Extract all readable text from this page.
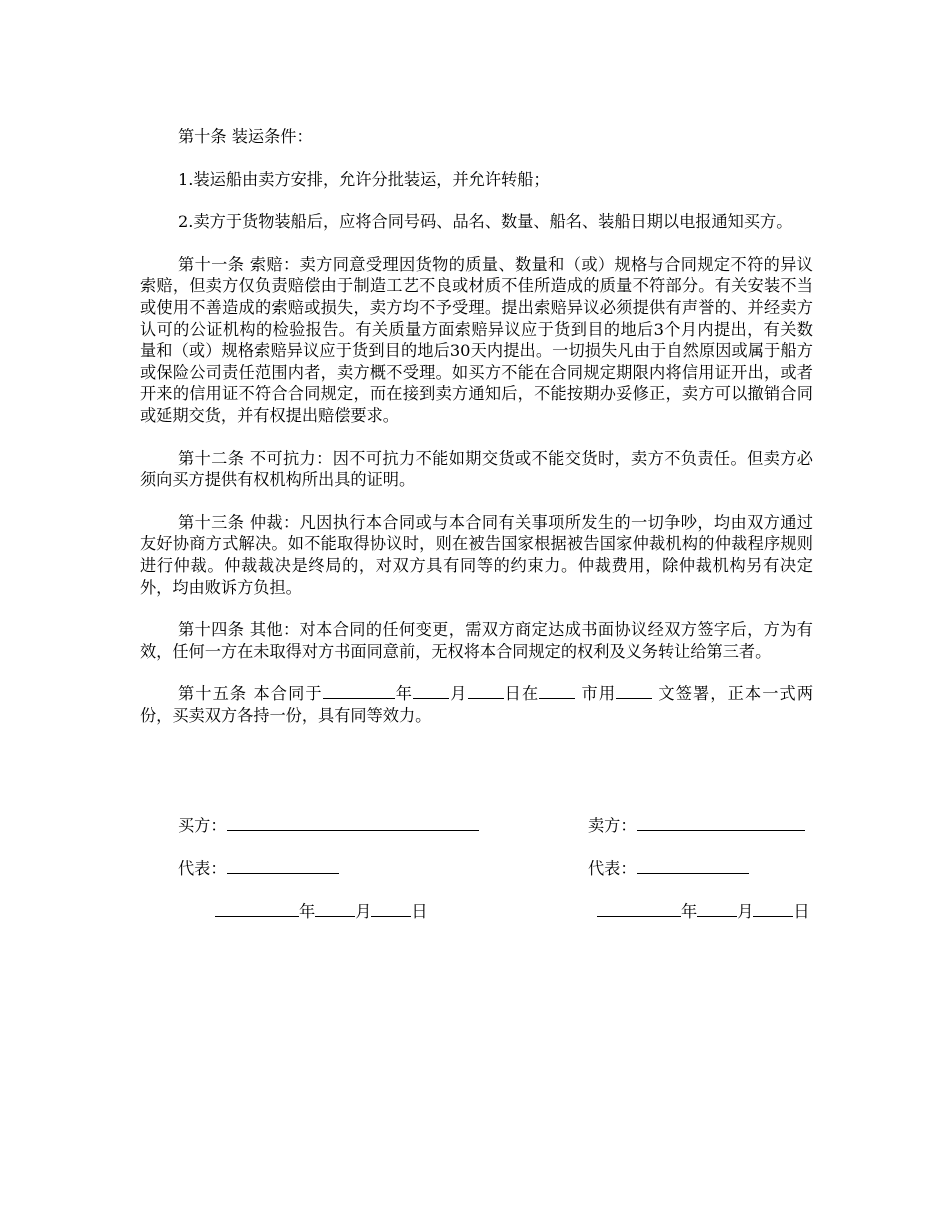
第十条 装运条件：

1.装运船由卖方安排，允许分批装运，并允许转船；

2.卖方于货物装船后，应将合同号码、品名、数量、船名、装船日期以电报通知买方。

第十一条 索赔：卖方同意受理因货物的质量、数量和（或）规格与合同规定不符的异议索赔，但卖方仅负责赔偿由于制造工艺不良或材质不佳所造成的质量不符部分。有关安装不当或使用不善造成的索赔或损失，卖方均不予受理。提出索赔异议必须提供有声誉的、并经卖方认可的公证机构的检验报告。有关质量方面索赔异议应于货到目的地后3个月内提出，有关数量和（或）规格索赔异议应于货到目的地后30天内提出。一切损失凡由于自然原因或属于船方或保险公司责任范围内者，卖方概不受理。如买方不能在合同规定期限内将信用证开出，或者开来的信用证不符合合同规定，而在接到卖方通知后，不能按期办妥修正，卖方可以撤销合同或延期交货，并有权提出赔偿要求。

第十二条 不可抗力：因不可抗力不能如期交货或不能交货时，卖方不负责任。但卖方必须向买方提供有权机构所出具的证明。

第十三条 仲裁：凡因执行本合同或与本合同有关事项所发生的一切争吵，均由双方通过友好协商方式解决。如不能取得协议时，则在被告国家根据被告国家仲裁机构的仲裁程序规则进行仲裁。仲裁裁决是终局的，对双方具有同等的约束力。仲裁费用，除仲裁机构另有决定外，均由败诉方负担。

第十四条 其他：对本合同的任何变更，需双方商定达成书面协议经双方签字后，方为有效，任何一方在未取得对方书面同意前，无权将本合同规定的权利及义务转让给第三者。

第十五条 本合同于	年 月 日在 市用 文签署，正本一式两份，买卖双方各持一份，具有同等效力。

买方：	卖方：
代表：	代表：
年 月 日	年 月 日
